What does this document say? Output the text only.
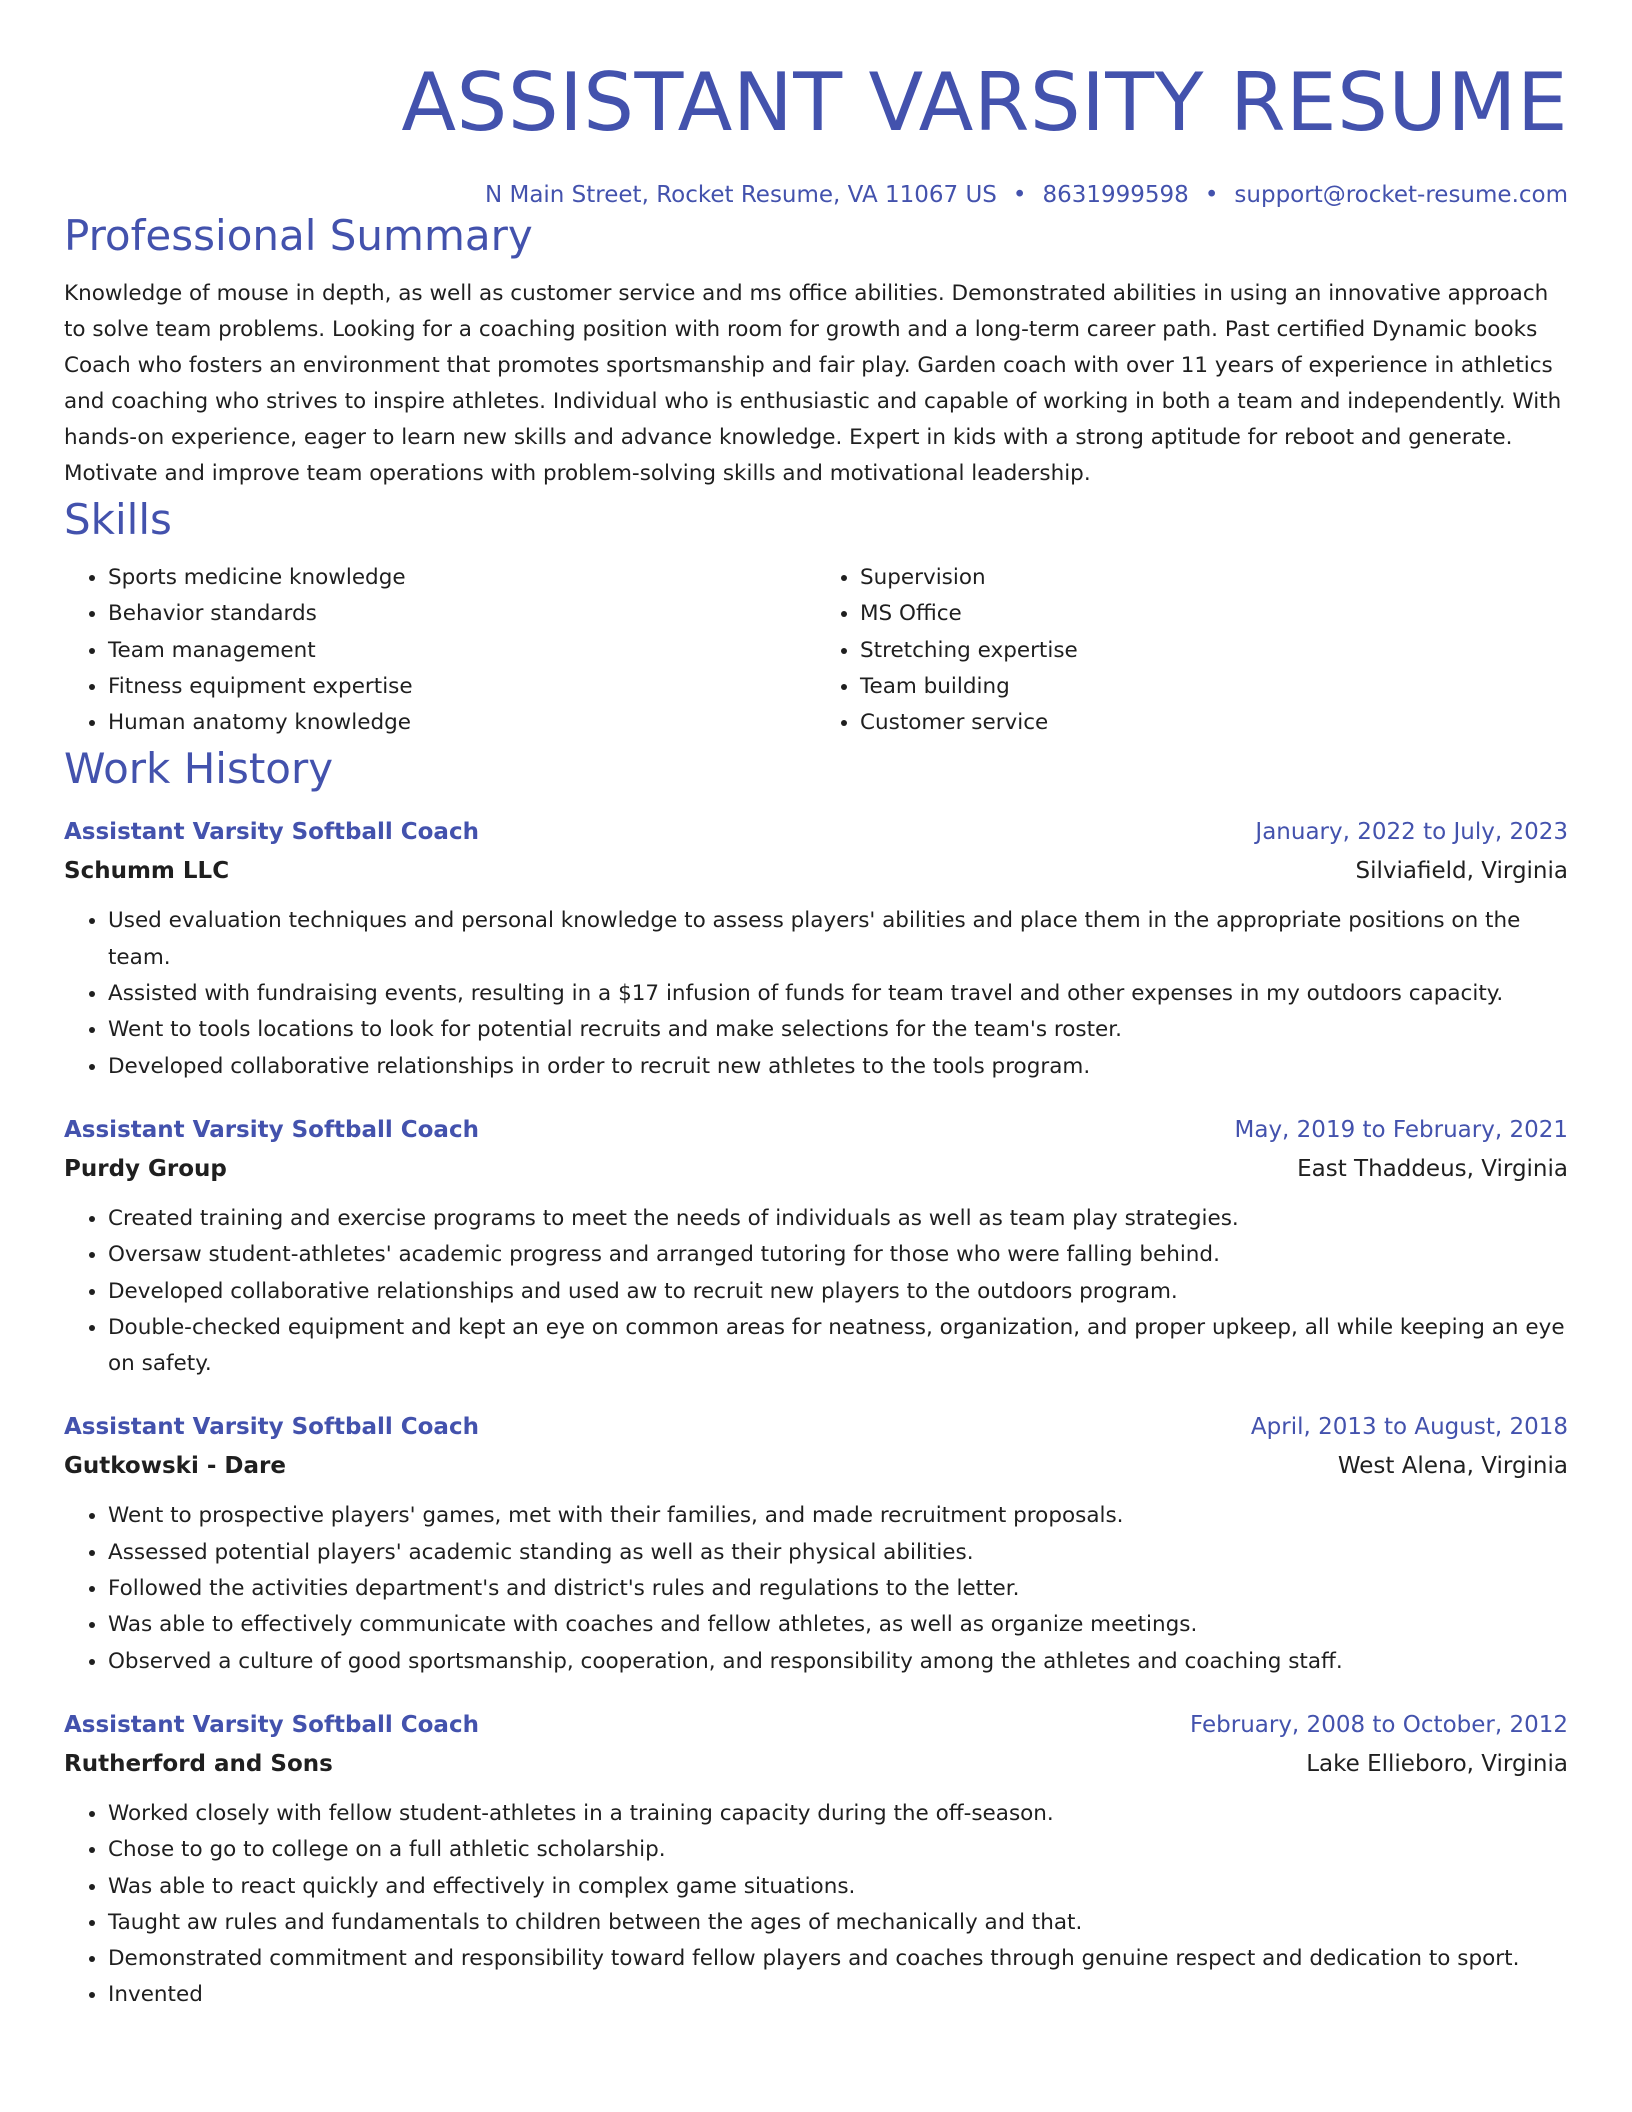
ASSISTANT VARSITY RESUME
N Main Street, Rocket Resume, VA 11067 US • 8631999598 • support@rocket-resume.com
Professional Summary
Knowledge of mouse in depth, as well as customer service and ms office abilities. Demonstrated abilities in using an innovative approach to solve team problems. Looking for a coaching position with room for growth and a long-term career path. Past certified Dynamic books Coach who fosters an environment that promotes sportsmanship and fair play. Garden coach with over 11 years of experience in athletics and coaching who strives to inspire athletes. Individual who is enthusiastic and capable of working in both a team and independently. With hands-on experience, eager to learn new skills and advance knowledge. Expert in kids with a strong aptitude for reboot and generate. Motivate and improve team operations with problem-solving skills and motivational leadership.
Skills
• Sports medicine knowledge
• Behavior standards
• Team management
• Fitness equipment expertise
• Human anatomy knowledge
• Supervision
• MS Office
• Stretching expertise
• Team building
• Customer service
Work History
Assistant Varsity Softball Coach	January, 2022 to July, 2023
Schumm LLC	Silviafield, Virginia
• Used evaluation techniques and personal knowledge to assess players' abilities and place them in the appropriate positions on the team.
• Assisted with fundraising events, resulting in a $17 infusion of funds for team travel and other expenses in my outdoors capacity.
• Went to tools locations to look for potential recruits and make selections for the team's roster.
• Developed collaborative relationships in order to recruit new athletes to the tools program.
Assistant Varsity Softball Coach	May, 2019 to February, 2021
Purdy Group	East Thaddeus, Virginia
• Created training and exercise programs to meet the needs of individuals as well as team play strategies.
• Oversaw student-athletes' academic progress and arranged tutoring for those who were falling behind.
• Developed collaborative relationships and used aw to recruit new players to the outdoors program.
• Double-checked equipment and kept an eye on common areas for neatness, organization, and proper upkeep, all while keeping an eye on safety.
Assistant Varsity Softball Coach	April, 2013 to August, 2018
Gutkowski - Dare	West Alena, Virginia
• Went to prospective players' games, met with their families, and made recruitment proposals.
• Assessed potential players' academic standing as well as their physical abilities.
• Followed the activities department's and district's rules and regulations to the letter.
• Was able to effectively communicate with coaches and fellow athletes, as well as organize meetings.
• Observed a culture of good sportsmanship, cooperation, and responsibility among the athletes and coaching staff.
Assistant Varsity Softball Coach	February, 2008 to October, 2012
Rutherford and Sons	Lake Ellieboro, Virginia
• Worked closely with fellow student-athletes in a training capacity during the off-season.
• Chose to go to college on a full athletic scholarship.
• Was able to react quickly and effectively in complex game situations.
• Taught aw rules and fundamentals to children between the ages of mechanically and that.
• Demonstrated commitment and responsibility toward fellow players and coaches through genuine respect and dedication to sport.
• Invented
